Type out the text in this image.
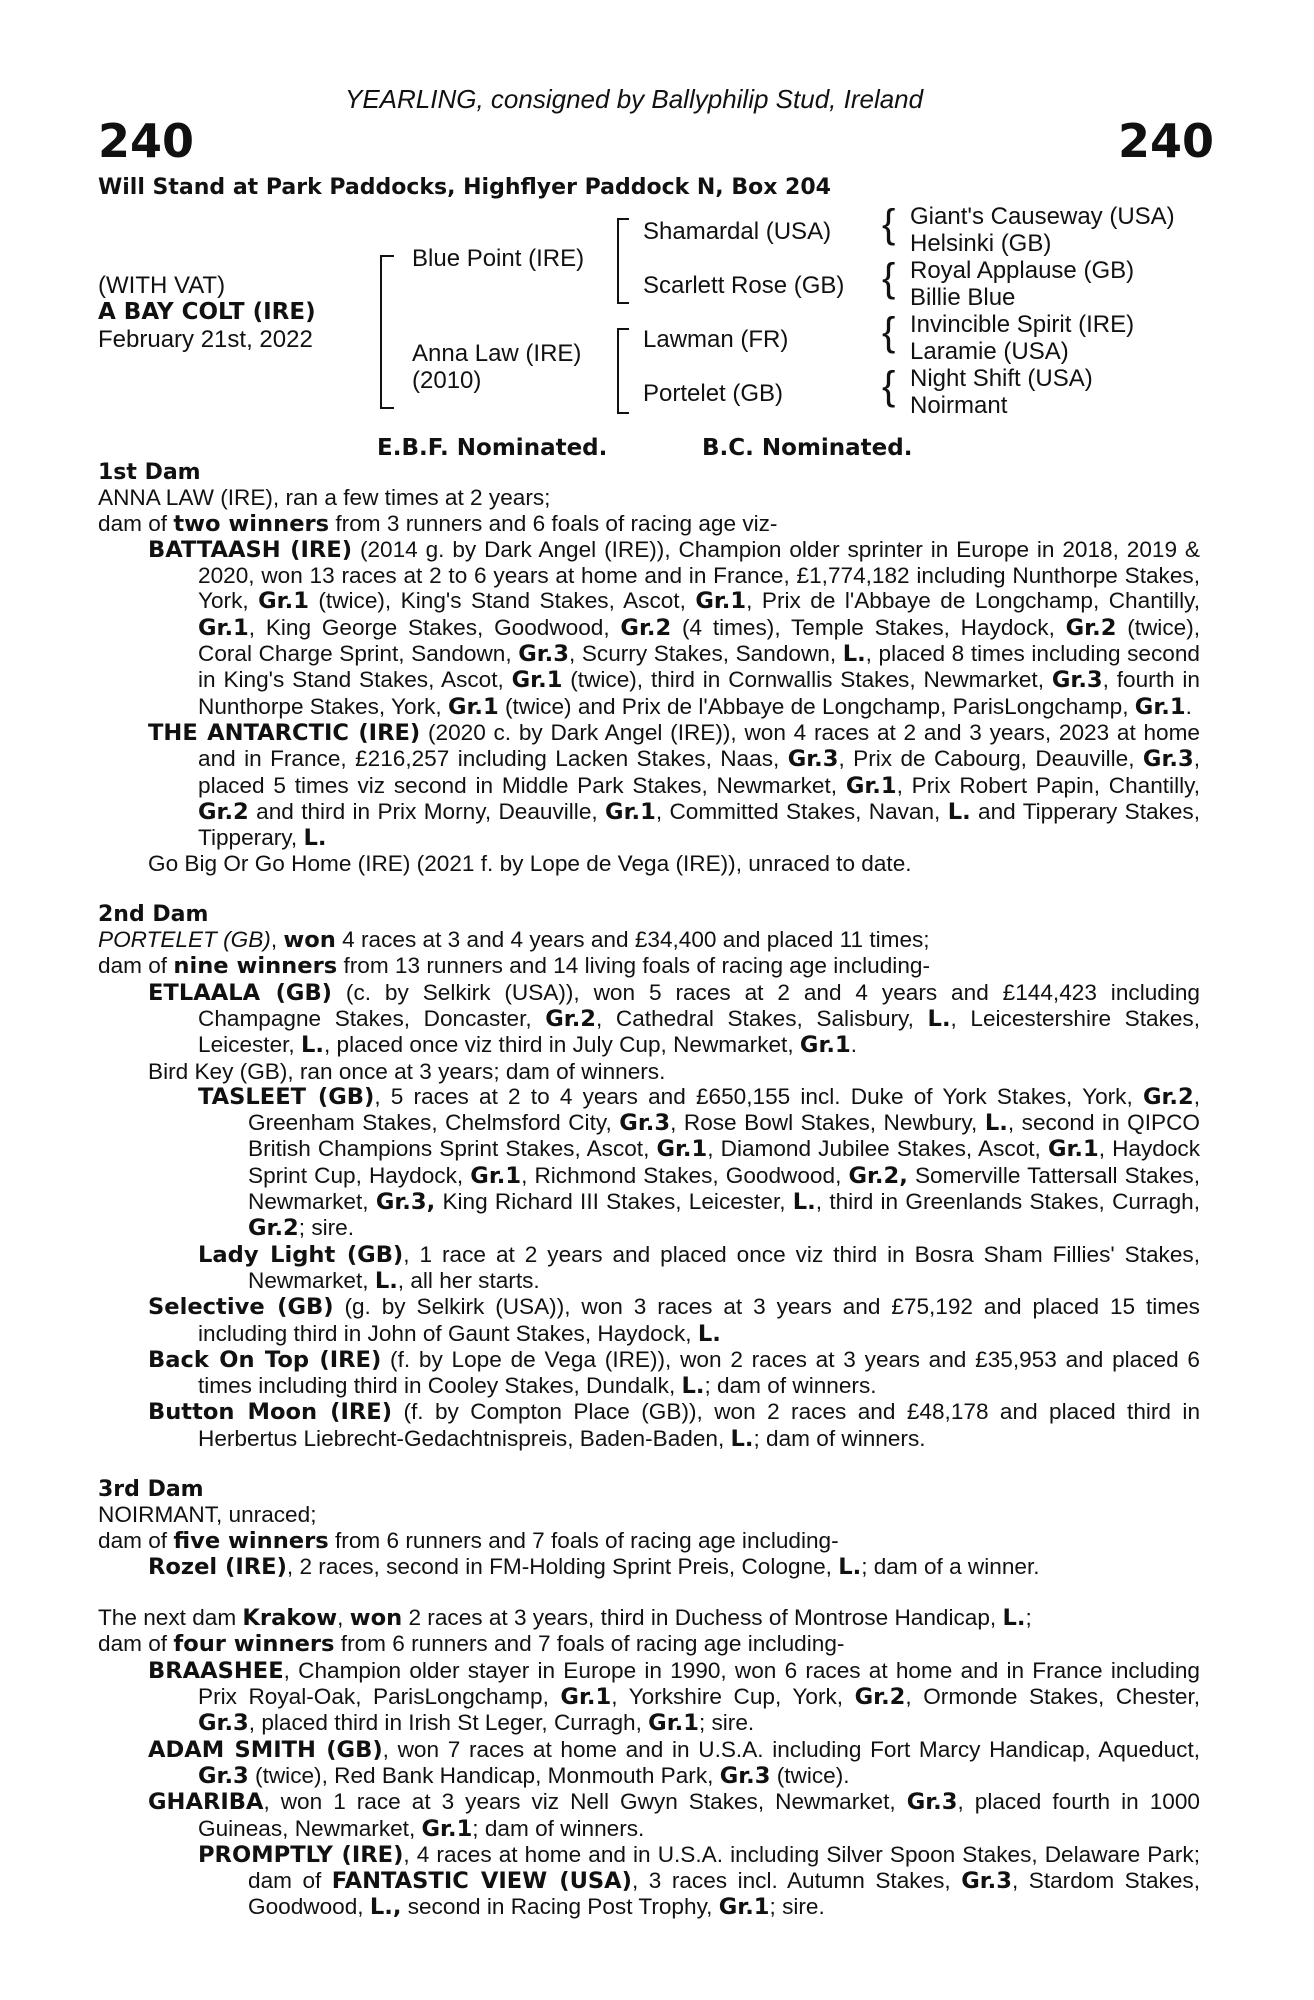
YEARLING, consigned by Ballyphilip Stud, Ireland
240	240
Will Stand at Park Paddocks, Highflyer Paddock N, Box 204
(WITH VAT)
A BAY COLT (IRE)
February 21st, 2022
Blue Point (IRE)
Anna Law (IRE)
(2010)
Shamardal (USA)
Scarlett Rose (GB)
Lawman (FR)
Portelet (GB)
{
{
{
{
Giant's Causeway (USA)
Helsinki (GB)
Royal Applause (GB)
Billie Blue
Invincible Spirit (IRE)
Laramie (USA)
Night Shift (USA)
Noirmant
E.B.F. Nominated.	B.C. Nominated.

1st Dam

ANNA LAW (IRE), ran a few times at 2 years;

dam of two winners from 3 runners and 6 foals of racing age viz-

BATTAASH (IRE) (2014 g. by Dark Angel (IRE)), Champion older sprinter in Europe in 2018, 2019 & 2020, won 13 races at 2 to 6 years at home and in France, £1,774,182 including Nunthorpe Stakes, York, Gr.1 (twice), King's Stand Stakes, Ascot, Gr.1, Prix de l'Abbaye de Longchamp, Chantilly, Gr.1, King George Stakes, Goodwood, Gr.2 (4 times), Temple Stakes, Haydock, Gr.2 (twice), Coral Charge Sprint, Sandown, Gr.3, Scurry Stakes, Sandown, L., placed 8 times including second in King's Stand Stakes, Ascot, Gr.1 (twice), third in Cornwallis Stakes, Newmarket, Gr.3, fourth in Nunthorpe Stakes, York, Gr.1 (twice) and Prix de l'Abbaye de Longchamp, ParisLongchamp, Gr.1.

THE ANTARCTIC (IRE) (2020 c. by Dark Angel (IRE)), won 4 races at 2 and 3 years, 2023 at home and in France, £216,257 including Lacken Stakes, Naas, Gr.3, Prix de Cabourg, Deauville, Gr.3, placed 5 times viz second in Middle Park Stakes, Newmarket, Gr.1, Prix Robert Papin, Chantilly, Gr.2 and third in Prix Morny, Deauville, Gr.1, Committed Stakes, Navan, L. and Tipperary Stakes, Tipperary, L.

Go Big Or Go Home (IRE) (2021 f. by Lope de Vega (IRE)), unraced to date.

2nd Dam

PORTELET (GB), won 4 races at 3 and 4 years and £34,400 and placed 11 times;

dam of nine winners from 13 runners and 14 living foals of racing age including-

ETLAALA (GB) (c. by Selkirk (USA)), won 5 races at 2 and 4 years and £144,423 including Champagne Stakes, Doncaster, Gr.2, Cathedral Stakes, Salisbury, L., Leicestershire Stakes, Leicester, L., placed once viz third in July Cup, Newmarket, Gr.1.

Bird Key (GB), ran once at 3 years; dam of winners.

TASLEET (GB), 5 races at 2 to 4 years and £650,155 incl. Duke of York Stakes, York, Gr.2, Greenham Stakes, Chelmsford City, Gr.3, Rose Bowl Stakes, Newbury, L., second in QIPCO British Champions Sprint Stakes, Ascot, Gr.1, Diamond Jubilee Stakes, Ascot, Gr.1, Haydock Sprint Cup, Haydock, Gr.1, Richmond Stakes, Goodwood, Gr.2, Somerville Tattersall Stakes, Newmarket, Gr.3, King Richard III Stakes, Leicester, L., third in Greenlands Stakes, Curragh, Gr.2; sire.

Lady Light (GB), 1 race at 2 years and placed once viz third in Bosra Sham Fillies' Stakes, Newmarket, L., all her starts.

Selective (GB) (g. by Selkirk (USA)), won 3 races at 3 years and £75,192 and placed 15 times including third in John of Gaunt Stakes, Haydock, L.

Back On Top (IRE) (f. by Lope de Vega (IRE)), won 2 races at 3 years and £35,953 and placed 6 times including third in Cooley Stakes, Dundalk, L.; dam of winners.

Button Moon (IRE) (f. by Compton Place (GB)), won 2 races and £48,178 and placed third in Herbertus Liebrecht-Gedachtnispreis, Baden-Baden, L.; dam of winners.

3rd Dam

NOIRMANT, unraced;

dam of five winners from 6 runners and 7 foals of racing age including-

Rozel (IRE), 2 races, second in FM-Holding Sprint Preis, Cologne, L.; dam of a winner.

The next dam Krakow, won 2 races at 3 years, third in Duchess of Montrose Handicap, L.;

dam of four winners from 6 runners and 7 foals of racing age including-

BRAASHEE, Champion older stayer in Europe in 1990, won 6 races at home and in France including Prix Royal-Oak, ParisLongchamp, Gr.1, Yorkshire Cup, York, Gr.2, Ormonde Stakes, Chester, Gr.3, placed third in Irish St Leger, Curragh, Gr.1; sire.

ADAM SMITH (GB), won 7 races at home and in U.S.A. including Fort Marcy Handicap, Aqueduct, Gr.3 (twice), Red Bank Handicap, Monmouth Park, Gr.3 (twice).

GHARIBA, won 1 race at 3 years viz Nell Gwyn Stakes, Newmarket, Gr.3, placed fourth in 1000 Guineas, Newmarket, Gr.1; dam of winners.

PROMPTLY (IRE), 4 races at home and in U.S.A. including Silver Spoon Stakes, Delaware Park; dam of FANTASTIC VIEW (USA), 3 races incl. Autumn Stakes, Gr.3, Stardom Stakes, Goodwood, L., second in Racing Post Trophy, Gr.1; sire.
